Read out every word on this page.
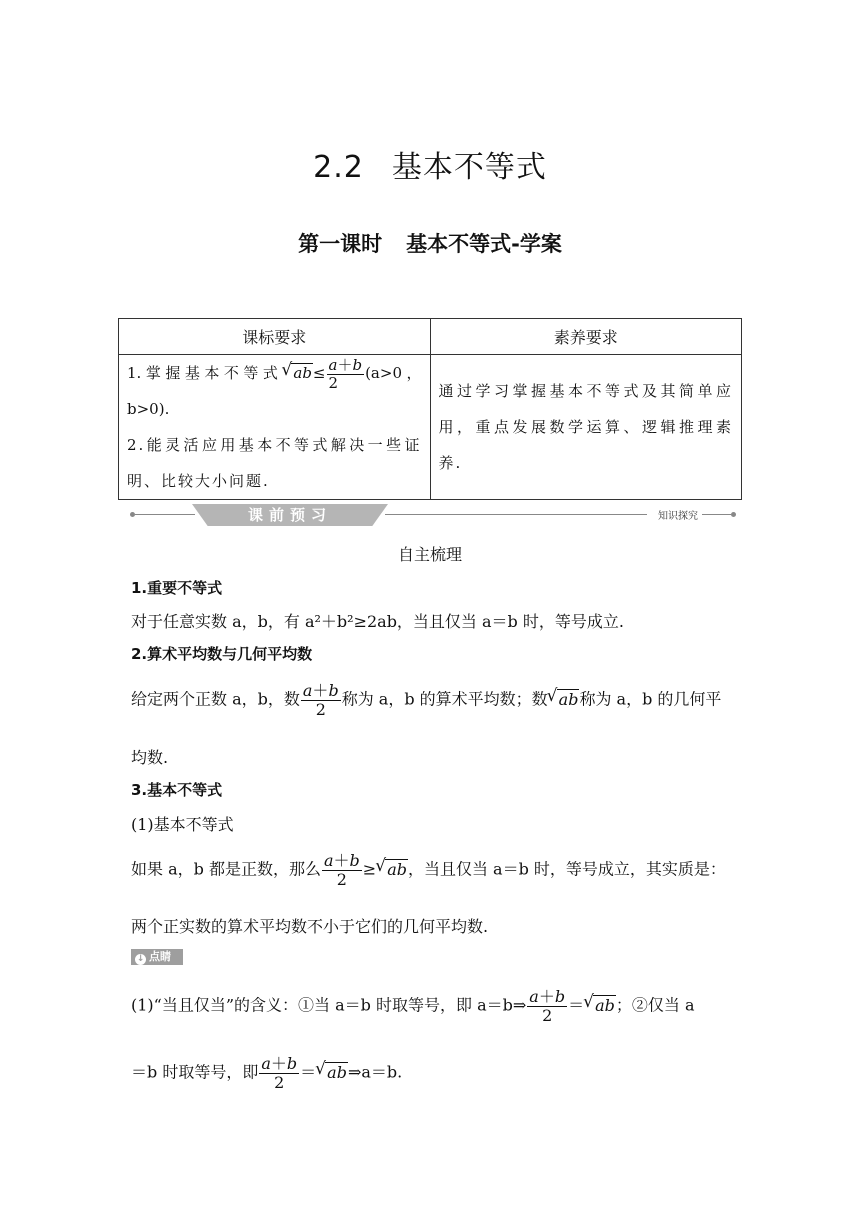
2.2 基本不等式
第一课时 基本不等式-学案
课标要求	素养要求

1.掌握基本不等式 √ $ab\le \frac{a+b}{2} (a>0$，b>0).

2.能灵活应用基本不等式解决一些证明、比较大小问题.	通过学习掌握基本不等式及其简单应用，重点发展数学运算、逻辑推理素养.

课前预习	知识探究
自主梳理
1.重要不等式
对于任意实数 a，b，有 a²＋b²≥2ab，当且仅当 a＝b 时，等号成立.
2.算术平均数与几何平均数
给定两个正数 a，b，数 $\frac{a+b}{2}$ 称为 a，b 的算术平均数；数 √ ab称为 a，b 的几何平
均数.
3.基本不等式
(1)基本不等式
如果 a，b 都是正数，那么 $\frac{a+b}{2}$ ≥ √ ab，当且仅当 a＝b 时，等号成立，其实质是：
两个正实数的算术平均数不小于它们的几何平均数.
↓ 点睛
(1)“当且仅当”的含义：①当 a＝b 时取等号，即 a＝b⇒ $\frac{a+b}{2}$ ＝ √ ab；②仅当 a
＝b 时取等号，即 $\frac{a+b}{2}$ ＝ √ ab⇒a＝b.
